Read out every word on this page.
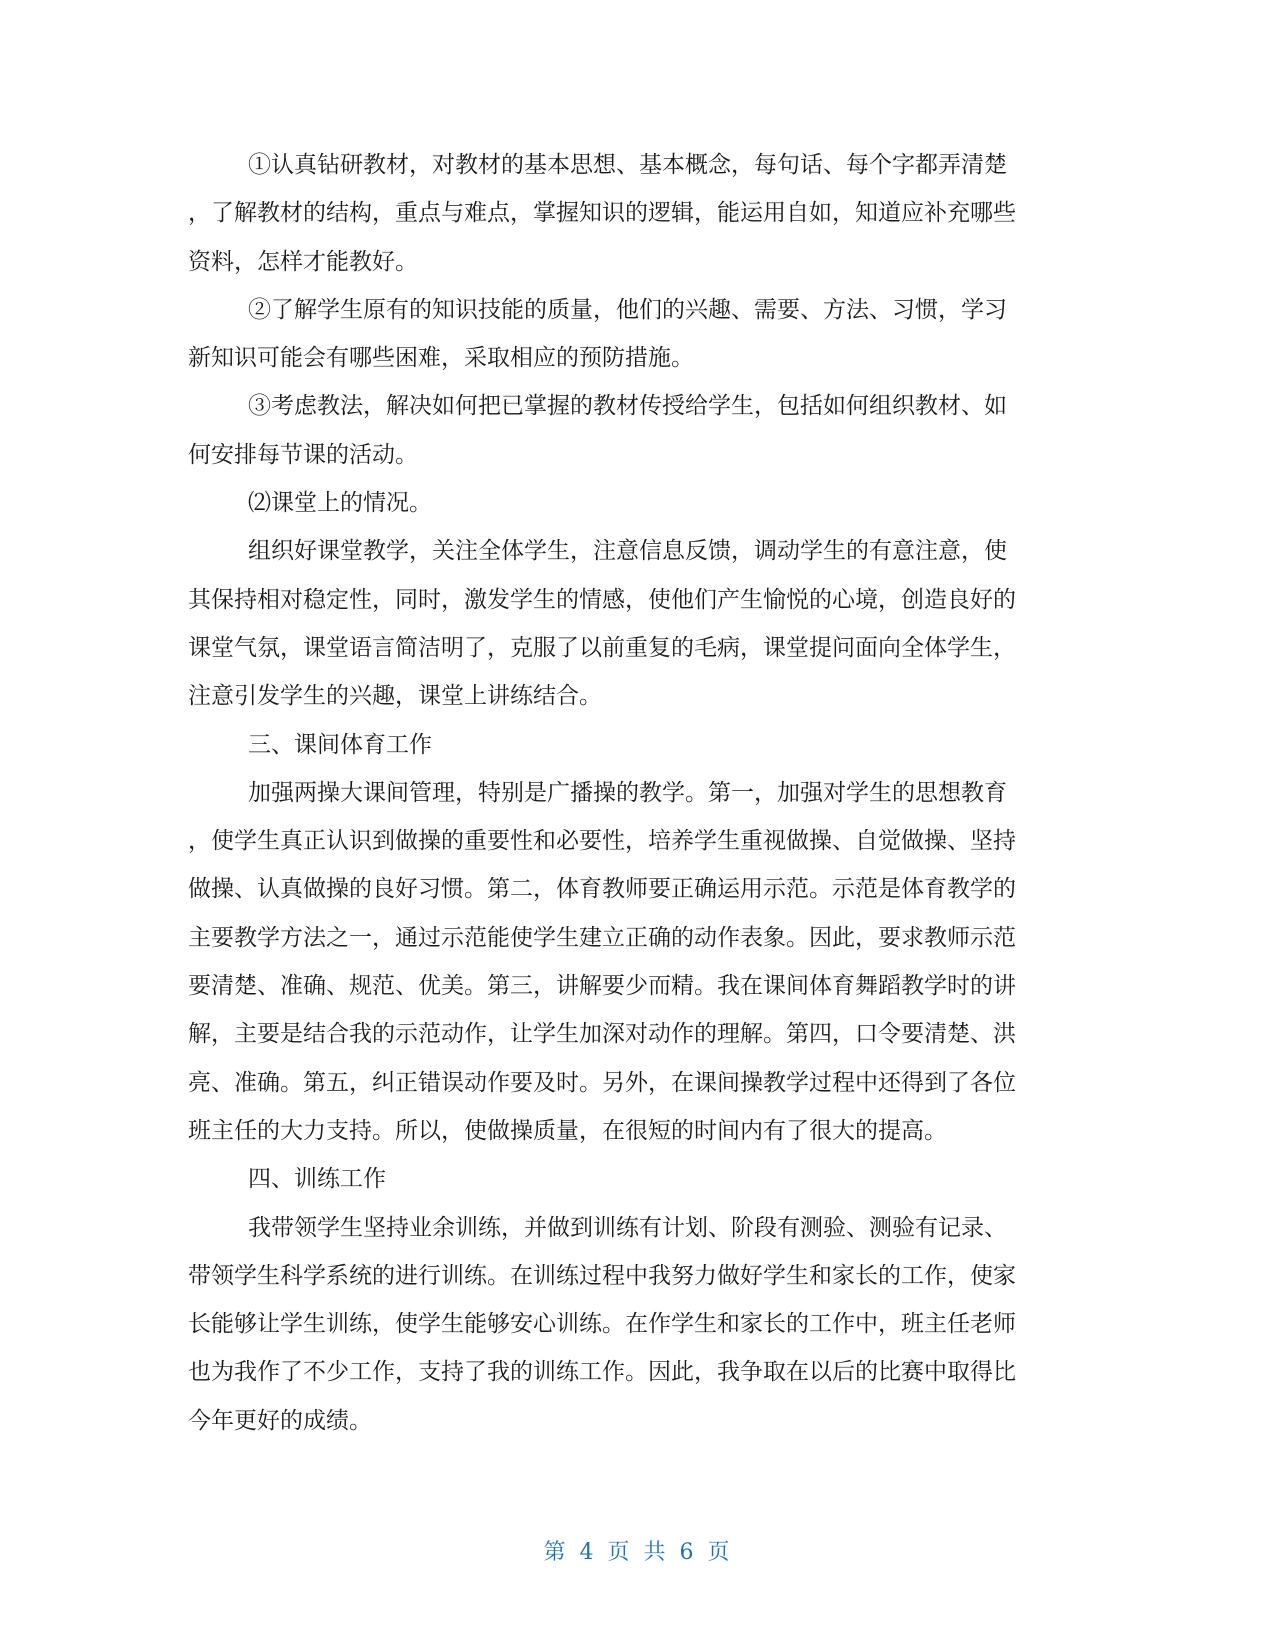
①认真钻研教材，对教材的基本思想、基本概念，每句话、每个字都弄清楚
，了解教材的结构，重点与难点，掌握知识的逻辑，能运用自如，知道应补充哪些
资料，怎样才能教好。
②了解学生原有的知识技能的质量，他们的兴趣、需要、方法、习惯，学习
新知识可能会有哪些困难，采取相应的预防措施。
③考虑教法，解决如何把已掌握的教材传授给学生，包括如何组织教材、如
何安排每节课的活动。
⑵课堂上的情况。
组织好课堂教学，关注全体学生，注意信息反馈，调动学生的有意注意，使
其保持相对稳定性，同时，激发学生的情感，使他们产生愉悦的心境，创造良好的
课堂气氛，课堂语言简洁明了，克服了以前重复的毛病，课堂提问面向全体学生，
注意引发学生的兴趣，课堂上讲练结合。
三、课间体育工作
加强两操大课间管理，特别是广播操的教学。第一，加强对学生的思想教育
，使学生真正认识到做操的重要性和必要性，培养学生重视做操、自觉做操、坚持
做操、认真做操的良好习惯。第二，体育教师要正确运用示范。示范是体育教学的
主要教学方法之一，通过示范能使学生建立正确的动作表象。因此，要求教师示范
要清楚、准确、规范、优美。第三，讲解要少而精。我在课间体育舞蹈教学时的讲
解，主要是结合我的示范动作，让学生加深对动作的理解。第四，口令要清楚、洪
亮、准确。第五，纠正错误动作要及时。另外，在课间操教学过程中还得到了各位
班主任的大力支持。所以，使做操质量，在很短的时间内有了很大的提高。
四、训练工作
我带领学生坚持业余训练，并做到训练有计划、阶段有测验、测验有记录、
带领学生科学系统的进行训练。在训练过程中我努力做好学生和家长的工作，使家
长能够让学生训练，使学生能够安心训练。在作学生和家长的工作中，班主任老师
也为我作了不少工作，支持了我的训练工作。因此，我争取在以后的比赛中取得比
今年更好的成绩。
第 4 页 共 6 页
